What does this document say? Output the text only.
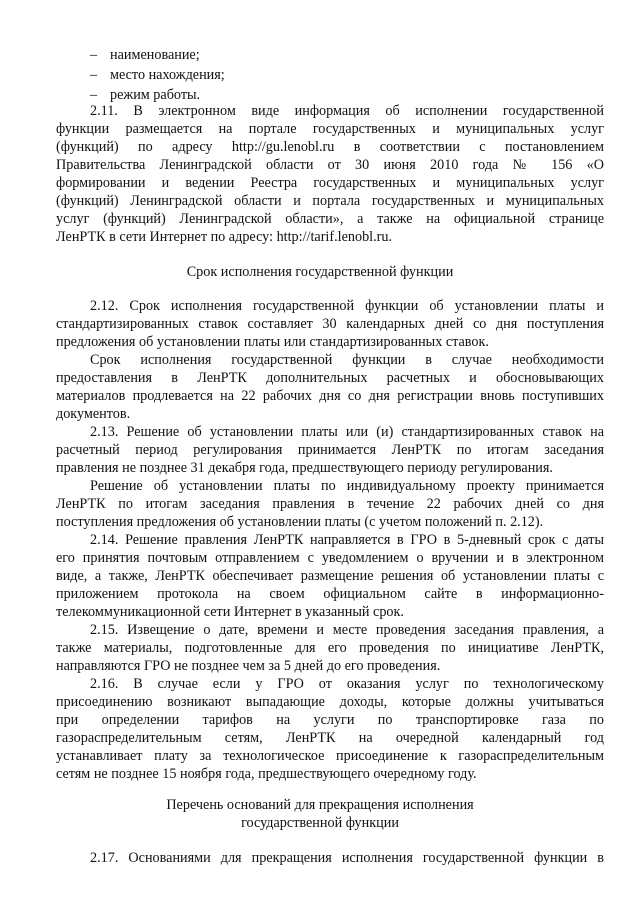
– наименование;
– место нахождения;
– режим работы.
2.11. В электронном виде информация об исполнении государственной
функции размещается на портале государственных и муниципальных услуг
(функций) по адресу http://gu.lenobl.ru в соответствии с постановлением
Правительства Ленинградской области от 30 июня 2010 года № 156 «О
формировании и ведении Реестра государственных и муниципальных услуг
(функций) Ленинградской области и портала государственных и муниципальных
услуг (функций) Ленинградской области», а также на официальной странице
ЛенРТК в сети Интернет по адресу: http://tarif.lenobl.ru.
Срок исполнения государственной функции
2.12. Срок исполнения государственной функции об установлении платы и
стандартизированных ставок составляет 30 календарных дней со дня поступления
предложения об установлении платы или стандартизированных ставок.
Срок исполнения государственной функции в случае необходимости
предоставления в ЛенРТК дополнительных расчетных и обосновывающих
материалов продлевается на 22 рабочих дня со дня регистрации вновь поступивших
документов.
2.13. Решение об установлении платы или (и) стандартизированных ставок на
расчетный период регулирования принимается ЛенРТК по итогам заседания
правления не позднее 31 декабря года, предшествующего периоду регулирования.
Решение об установлении платы по индивидуальному проекту принимается
ЛенРТК по итогам заседания правления в течение 22 рабочих дней со дня
поступления предложения об установлении платы (с учетом положений п. 2.12).
2.14. Решение правления ЛенРТК направляется в ГРО в 5-дневный срок с даты
его принятия почтовым отправлением с уведомлением о вручении и в электронном
виде, а также, ЛенРТК обеспечивает размещение решения об установлении платы с
приложением протокола на своем официальном сайте в информационно-
телекоммуникационной сети Интернет в указанный срок.
2.15. Извещение о дате, времени и месте проведения заседания правления, а
также материалы, подготовленные для его проведения по инициативе ЛенРТК,
направляются ГРО не позднее чем за 5 дней до его проведения.
2.16. В случае если у ГРО от оказания услуг по технологическому
присоединению возникают выпадающие доходы, которые должны учитываться
при определении тарифов на услуги по транспортировке газа по
газораспределительным сетям, ЛенРТК на очередной календарный год
устанавливает плату за технологическое присоединение к газораспределительным
сетям не позднее 15 ноября года, предшествующего очередному году.
Перечень оснований для прекращения исполнения
государственной функции
2.17. Основаниями для прекращения исполнения государственной функции в
